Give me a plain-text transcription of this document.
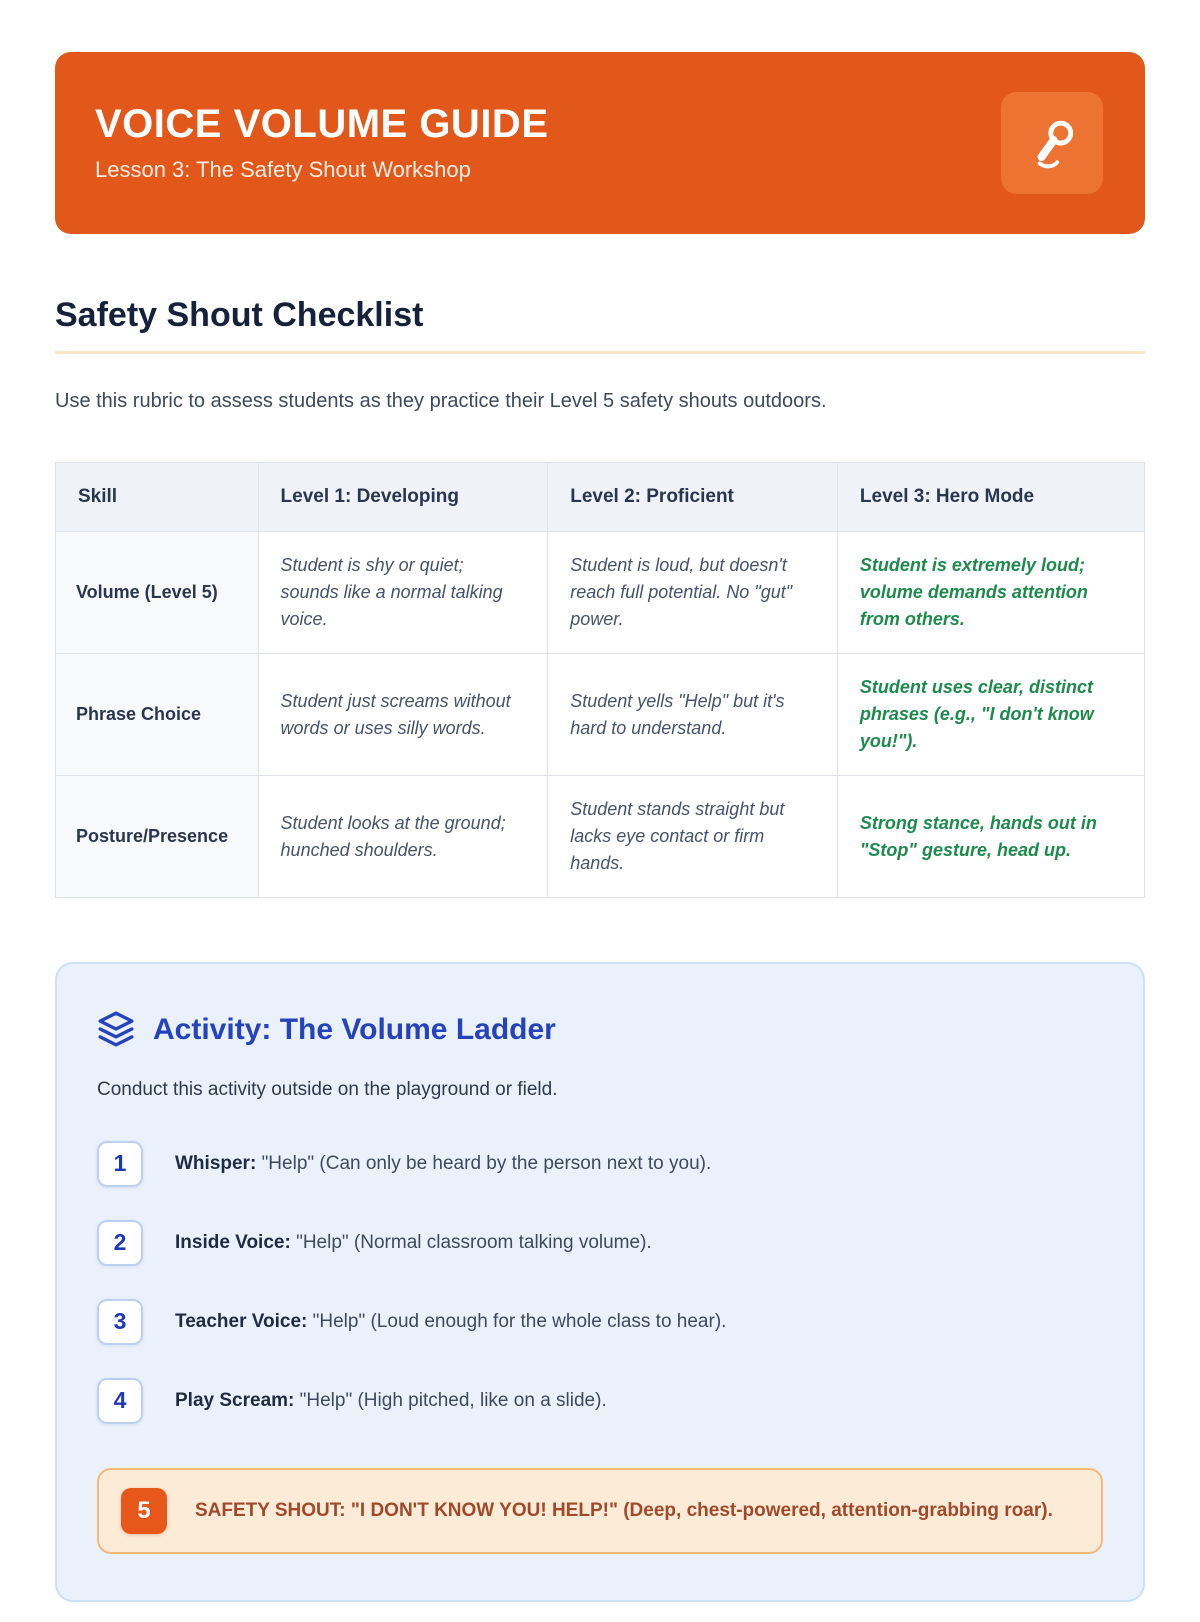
VOICE VOLUME GUIDE

Lesson 3: The Safety Shout Workshop

Safety Shout Checklist

Use this rubric to assess students as they practice their Level 5 safety shouts outdoors.

Skill	Level 1: Developing	Level 2: Proficient	Level 3: Hero Mode
Volume (Level 5)	Student is shy or quiet; sounds like a normal talking voice.	Student is loud, but doesn't reach full potential. No "gut" power.	Student is extremely loud; volume demands attention from others.
Phrase Choice	Student just screams without words or uses silly words.	Student yells "Help" but it's hard to understand.	Student uses clear, distinct phrases (e.g., "I don't know you!").
Posture/Presence	Student looks at the ground; hunched shoulders.	Student stands straight but lacks eye contact or firm hands.	Strong stance, hands out in "Stop" gesture, head up.
Activity: The Volume Ladder

Conduct this activity outside on the playground or field.

1	Whisper: "Help" (Can only be heard by the person next to you).

2	Inside Voice: "Help" (Normal classroom talking volume).

3	Teacher Voice: "Help" (Loud enough for the whole class to hear).

4	Play Scream: "Help" (High pitched, like on a slide).

5	SAFETY SHOUT: "I DON'T KNOW YOU! HELP!" (Deep, chest-powered, attention-grabbing roar).
